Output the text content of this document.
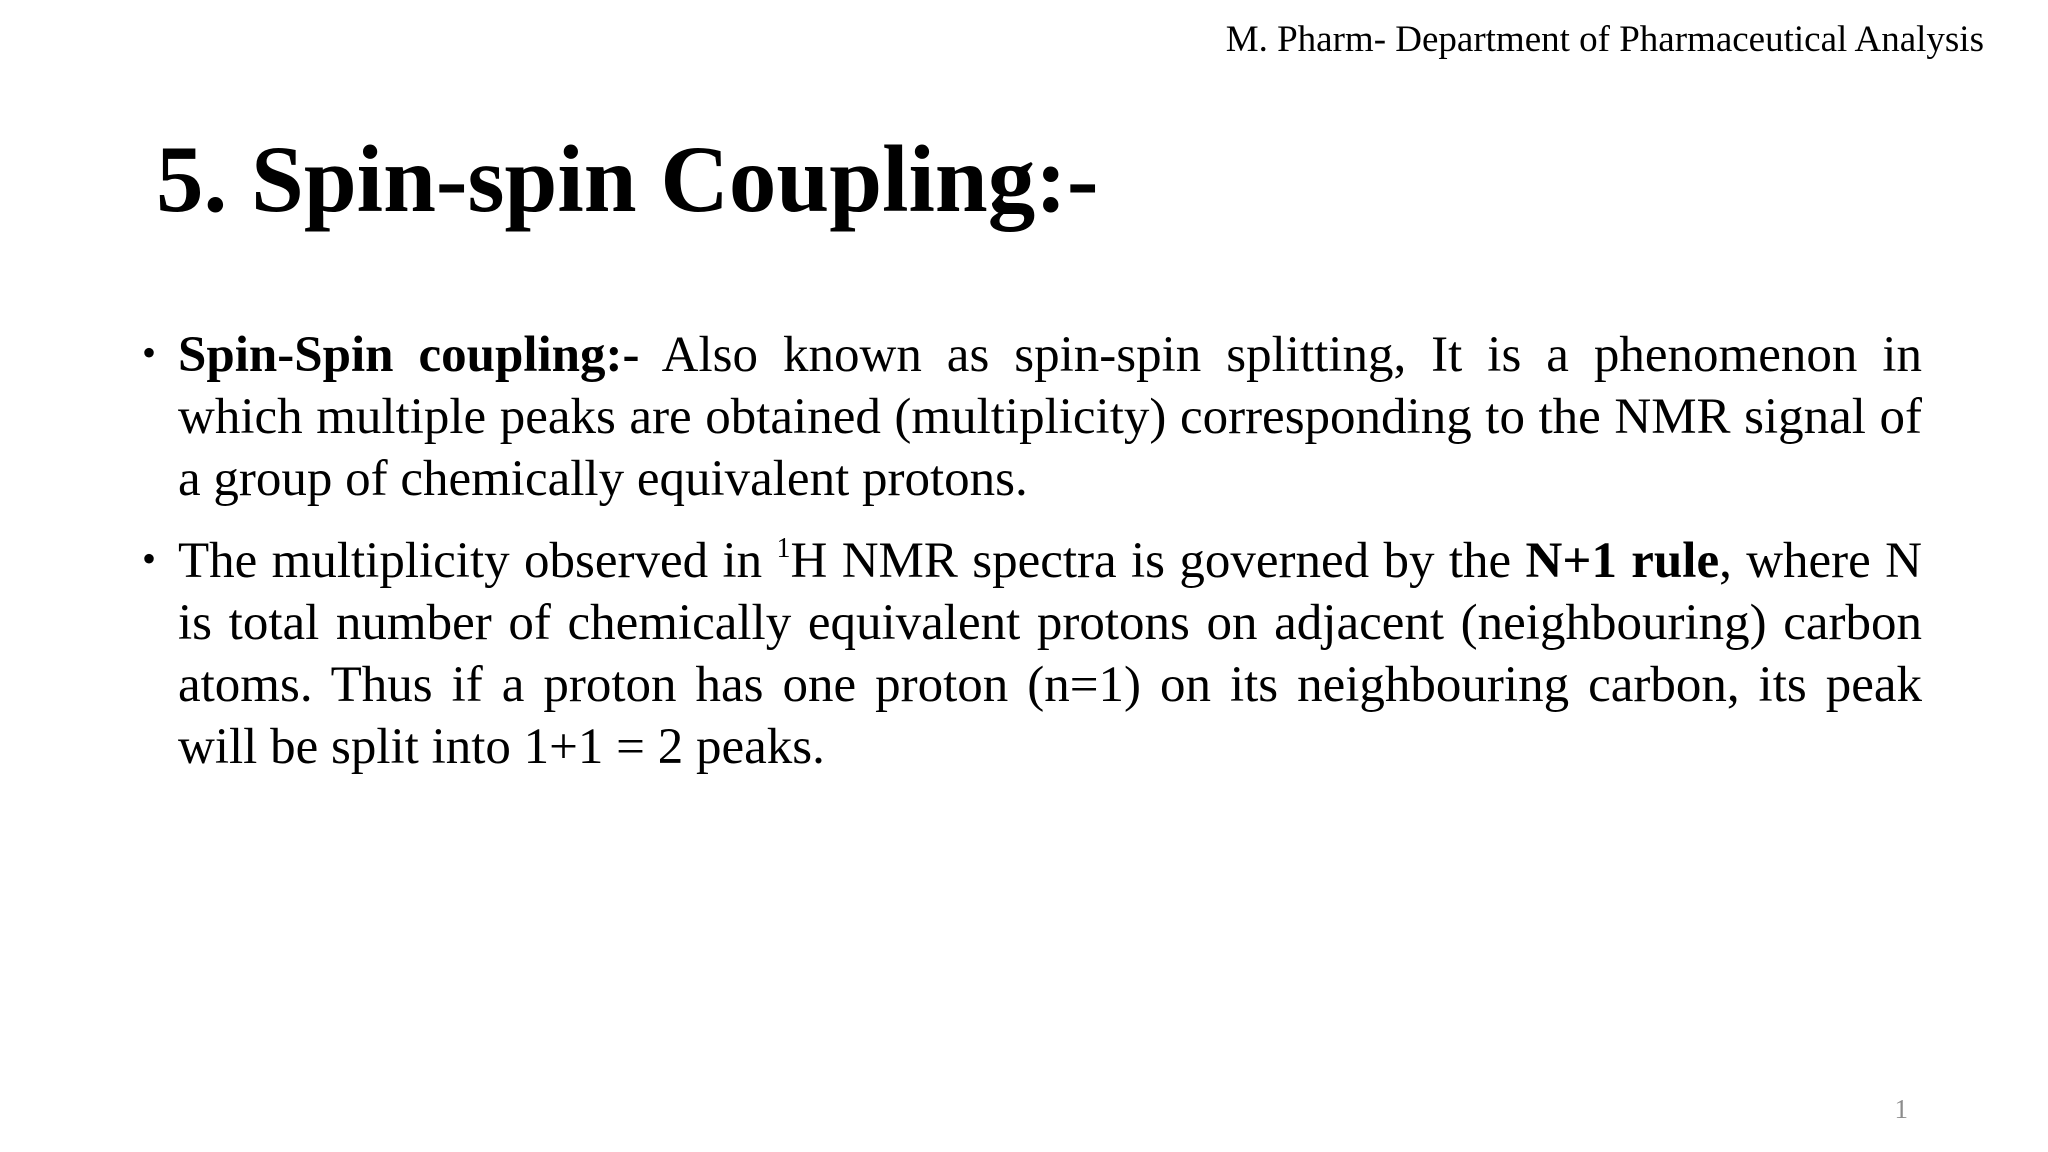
M. Pharm- Department of Pharmaceutical Analysis
5. Spin-spin Coupling:-
• Spin-Spin coupling:- Also known as spin-spin splitting, It is a phenomenon in which multiple peaks are obtained (multiplicity) corresponding to the NMR signal of a group of chemically equivalent protons.
• The multiplicity observed in $^1$H NMR spectra is governed by the N+1 rule, where N is total number of chemically equivalent protons on adjacent (neighbouring) carbon atoms. Thus if a proton has one proton (n=1) on its neighbouring carbon, its peak will be split into 1+1 = 2 peaks.
1
